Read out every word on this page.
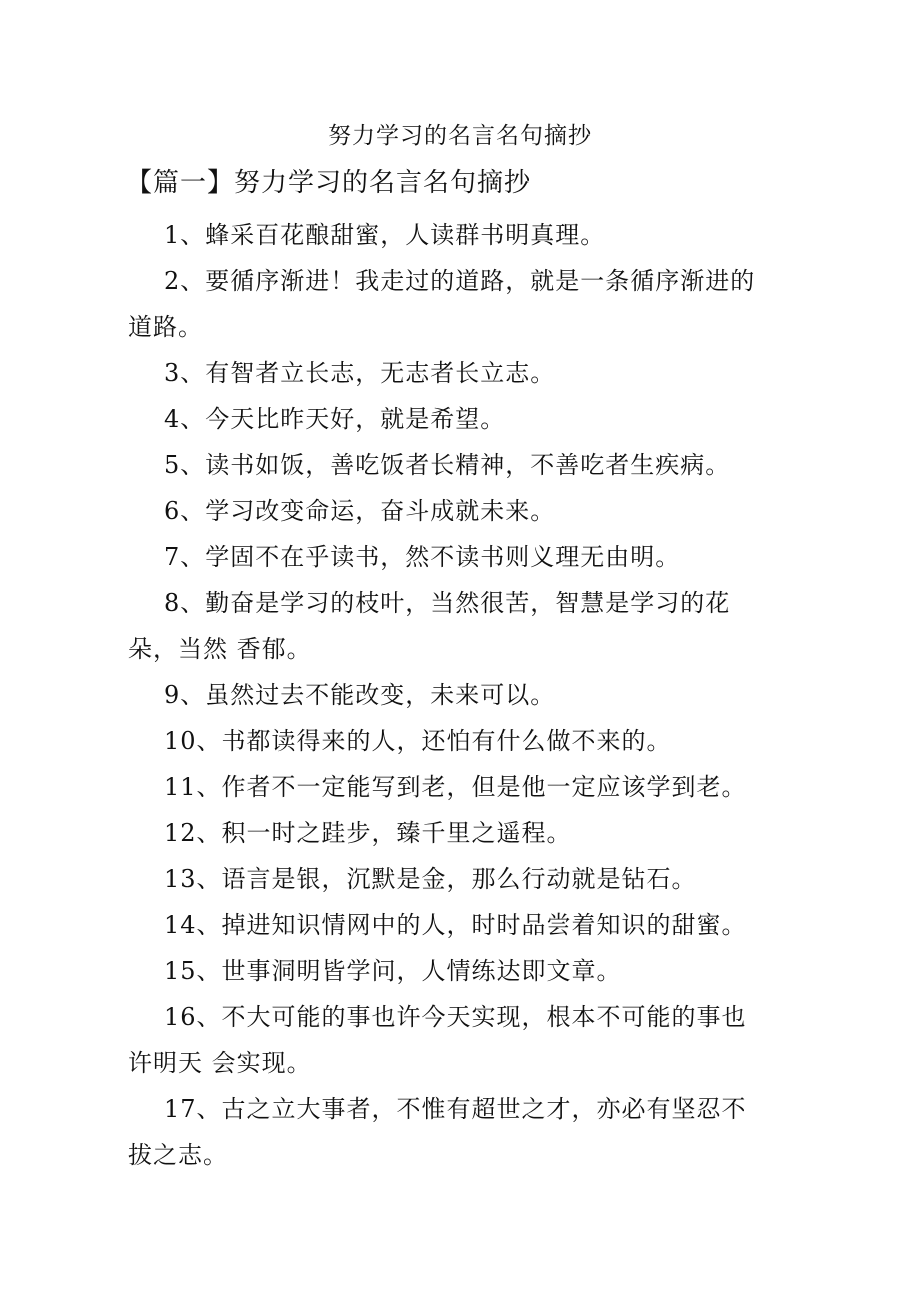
努力学习的名言名句摘抄
【篇一】努力学习的名言名句摘抄

1、蜂采百花酿甜蜜，人读群书明真理。

2、要循序渐进！我走过的道路，就是一条循序渐进的道路。

3、有智者立长志，无志者长立志。

4、今天比昨天好，就是希望。

5、读书如饭，善吃饭者长精神，不善吃者生疾病。

6、学习改变命运，奋斗成就未来。

7、学固不在乎读书，然不读书则义理无由明。

8、勤奋是学习的枝叶，当然很苦，智慧是学习的花朵，当然 香郁。

9、虽然过去不能改变，未来可以。

10、书都读得来的人，还怕有什么做不来的。

11、作者不一定能写到老，但是他一定应该学到老。

12、积一时之跬步，臻千里之遥程。

13、语言是银，沉默是金，那么行动就是钻石。

14、掉进知识情网中的人，时时品尝着知识的甜蜜。

15、世事洞明皆学问，人情练达即文章。

16、不大可能的事也许今天实现，根本不可能的事也许明天 会实现。

17、古之立大事者，不惟有超世之才，亦必有坚忍不拔之志。
